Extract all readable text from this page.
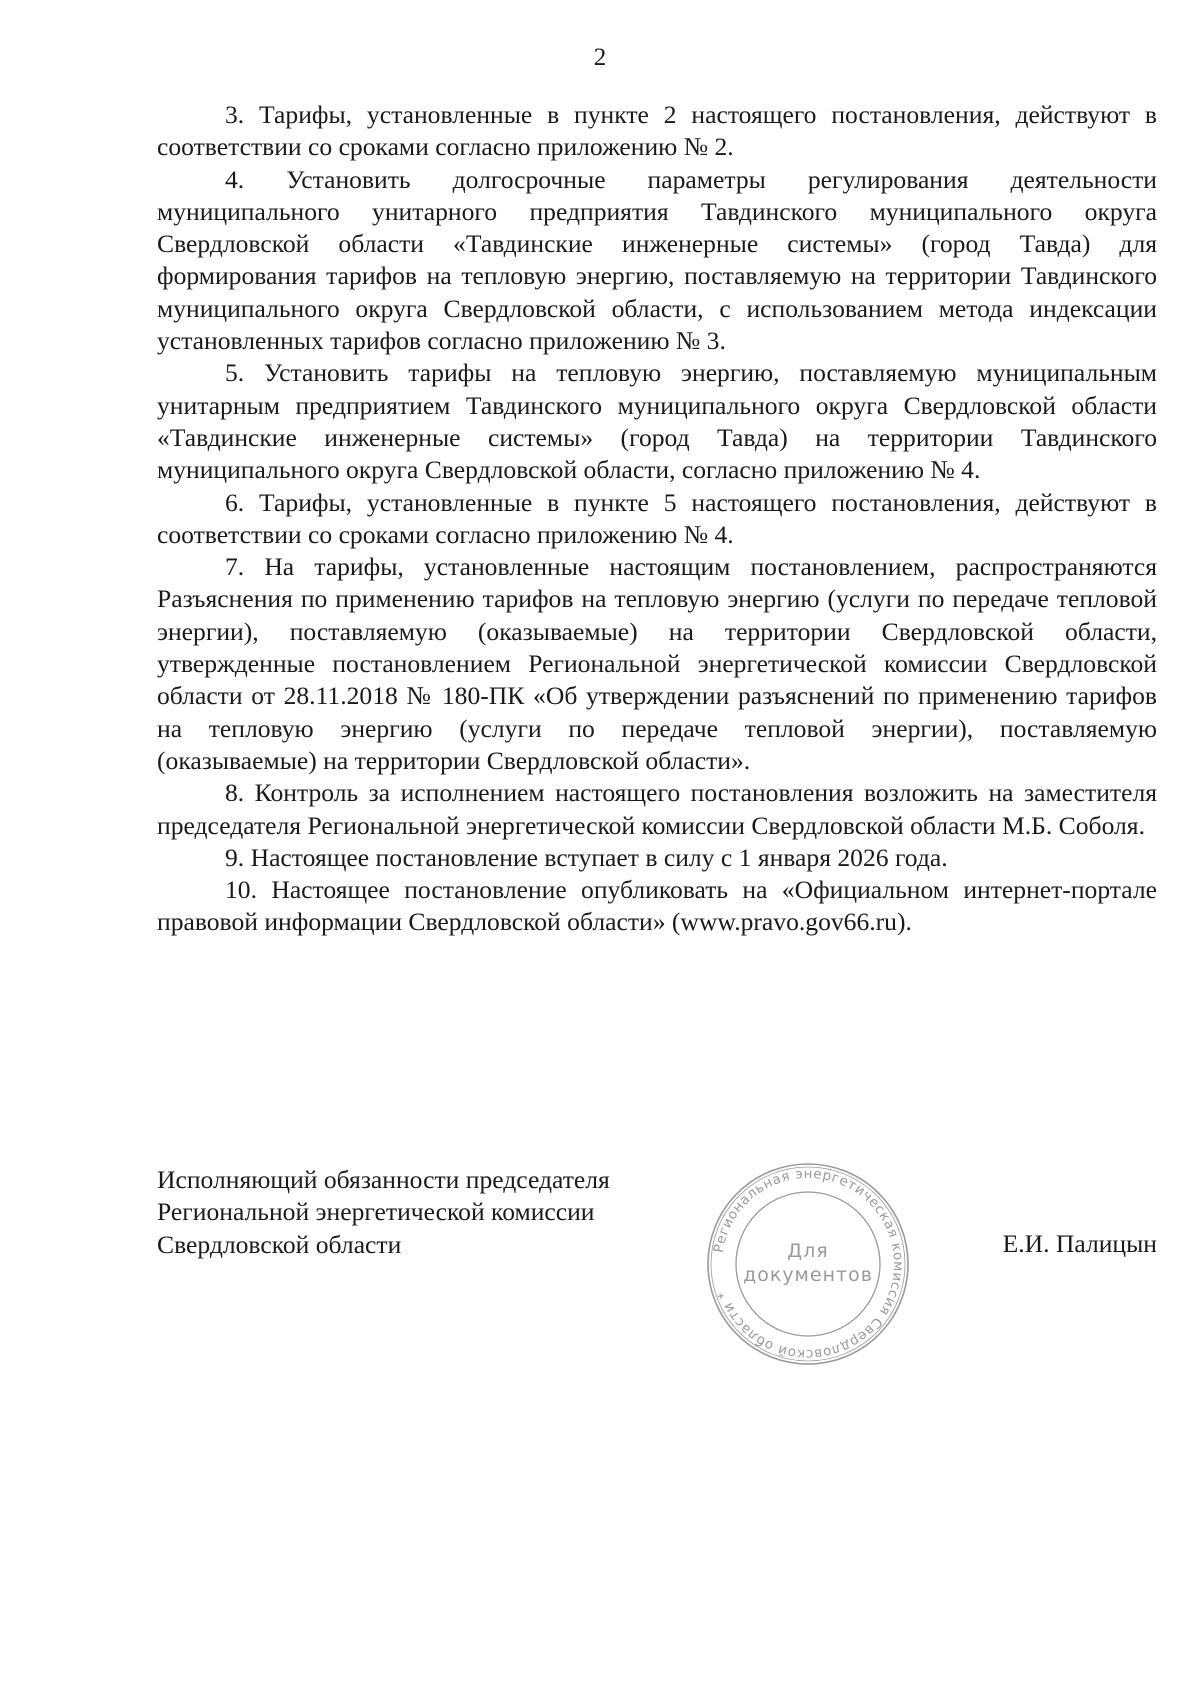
2

3. Тарифы, установленные в пункте 2 настоящего постановления, действуют в соответствии со сроками согласно приложению № 2.

4. Установить долгосрочные параметры регулирования деятельности муниципального унитарного предприятия Тавдинского муниципального округа Свердловской области «Тавдинские инженерные системы» (город Тавда) для формирования тарифов на тепловую энергию, поставляемую на территории Тавдинского муниципального округа Свердловской области, с использованием метода индексации установленных тарифов согласно приложению № 3.

5. Установить тарифы на тепловую энергию, поставляемую муниципальным унитарным предприятием Тавдинского муниципального округа Свердловской области «Тавдинские инженерные системы» (город Тавда) на территории Тавдинского муниципального округа Свердловской области, согласно приложению № 4.

6. Тарифы, установленные в пункте 5 настоящего постановления, действуют в соответствии со сроками согласно приложению № 4.

7. На тарифы, установленные настоящим постановлением, распространяются Разъяснения по применению тарифов на тепловую энергию (услуги по передаче тепловой энергии), поставляемую (оказываемые) на территории Свердловской области, утвержденные постановлением Региональной энергетической комиссии Свердловской области от 28.11.2018 № 180-ПК «Об утверждении разъяснений по применению тарифов на тепловую энергию (услуги по передаче тепловой энергии), поставляемую (оказываемые) на территории Свердловской области».

8. Контроль за исполнением настоящего постановления возложить на заместителя председателя Региональной энергетической комиссии Свердловской области М.Б. Соболя.

9. Настоящее постановление вступает в силу с 1 января 2026 года.

10. Настоящее постановление опубликовать на «Официальном интернет-портале правовой информации Свердловской области» (www.pravo.gov66.ru).

Исполняющий обязанности председателя
Региональной энергетической комиссии
Свердловской области	Е.И. Палицын
Региональная энергетическая комиссия Свердловской области *
Для
документов
